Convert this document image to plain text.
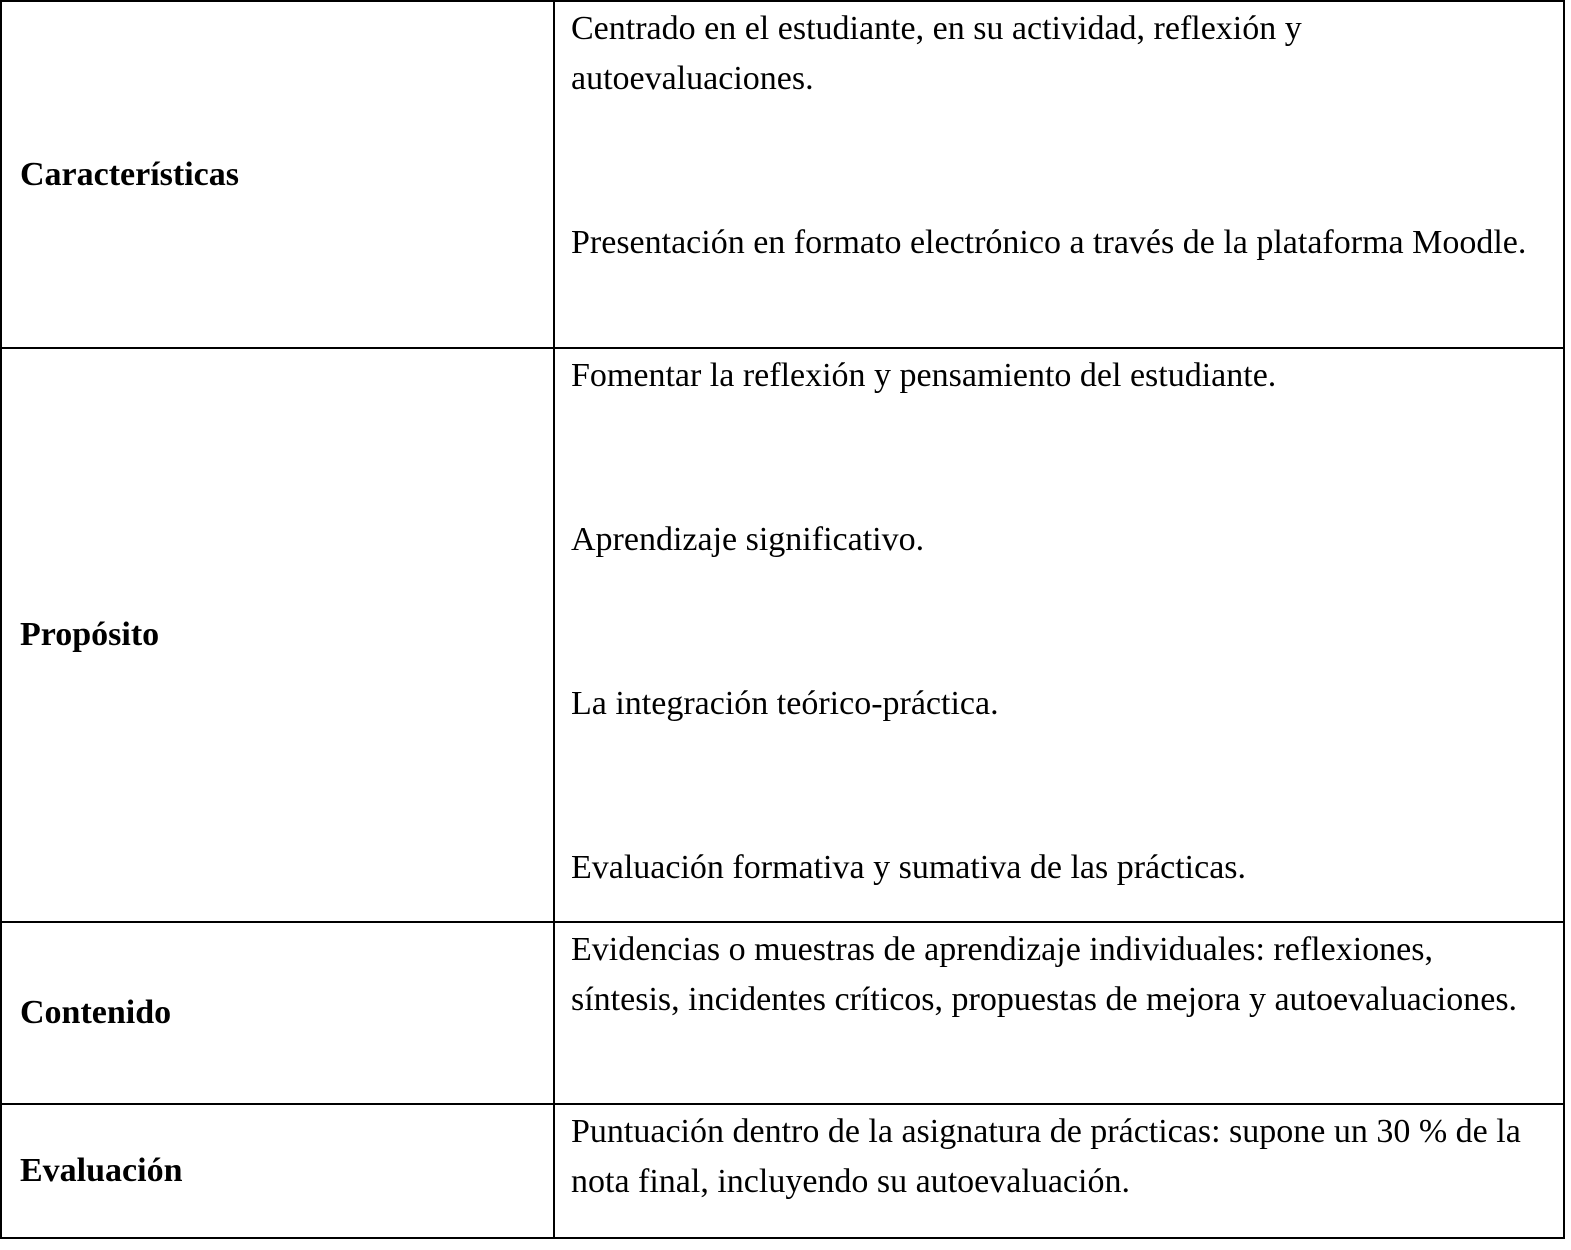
Características	Centrado en el estudiante, en su actividad, reflexión y autoevaluaciones.

Presentación en formato electrónico a través de la plataforma Moodle.

Propósito	Fomentar la reflexión y pensamiento del estudiante.

Aprendizaje significativo.

La integración teórico-práctica.

Evaluación formativa y sumativa de las prácticas.

Contenido	Evidencias o muestras de aprendizaje individuales: reflexiones, síntesis, incidentes críticos, propuestas de mejora y autoevaluaciones.

Evaluación	Puntuación dentro de la asignatura de prácticas: supone un 30 % de la nota final, incluyendo su autoevaluación.
